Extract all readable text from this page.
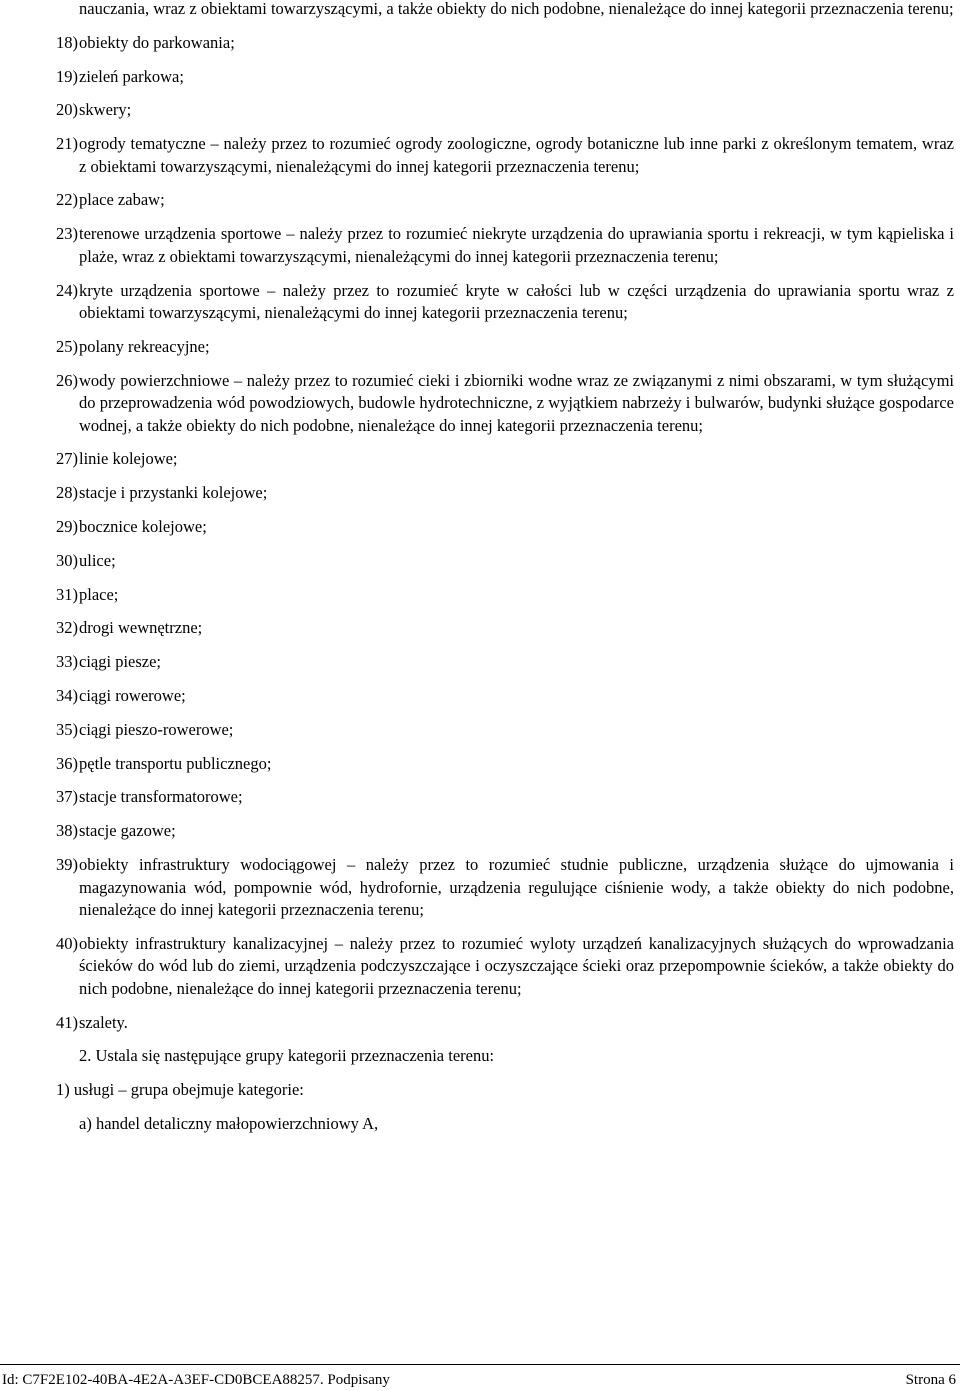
nauczania, wraz z obiektami towarzyszącymi, a także obiekty do nich podobne, nienależące do innej kategorii przeznaczenia terenu;
18) obiekty do parkowania;
19) zieleń parkowa;
20) skwery;
21) ogrody tematyczne – należy przez to rozumieć ogrody zoologiczne, ogrody botaniczne lub inne parki z określonym tematem, wraz z obiektami towarzyszącymi, nienależącymi do innej kategorii przeznaczenia terenu;
22) place zabaw;
23) terenowe urządzenia sportowe – należy przez to rozumieć niekryte urządzenia do uprawiania sportu i rekreacji, w tym kąpieliska i plaże, wraz z obiektami towarzyszącymi, nienależącymi do innej kategorii przeznaczenia terenu;
24) kryte urządzenia sportowe – należy przez to rozumieć kryte w całości lub w części urządzenia do uprawiania sportu wraz z obiektami towarzyszącymi, nienależącymi do innej kategorii przeznaczenia terenu;
25) polany rekreacyjne;
26) wody powierzchniowe – należy przez to rozumieć cieki i zbiorniki wodne wraz ze związanymi z nimi obszarami, w tym służącymi do przeprowadzenia wód powodziowych, budowle hydrotechniczne, z wyjątkiem nabrzeży i bulwarów, budynki służące gospodarce wodnej, a także obiekty do nich podobne, nienależące do innej kategorii przeznaczenia terenu;
27) linie kolejowe;
28) stacje i przystanki kolejowe;
29) bocznice kolejowe;
30) ulice;
31) place;
32) drogi wewnętrzne;
33) ciągi piesze;
34) ciągi rowerowe;
35) ciągi pieszo-rowerowe;
36) pętle transportu publicznego;
37) stacje transformatorowe;
38) stacje gazowe;
39) obiekty infrastruktury wodociągowej – należy przez to rozumieć studnie publiczne, urządzenia służące do ujmowania i magazynowania wód, pompownie wód, hydrofornie, urządzenia regulujące ciśnienie wody, a także obiekty do nich podobne, nienależące do innej kategorii przeznaczenia terenu;
40) obiekty infrastruktury kanalizacyjnej – należy przez to rozumieć wyloty urządzeń kanalizacyjnych służących do wprowadzania ścieków do wód lub do ziemi, urządzenia podczyszczające i oczyszczające ścieki oraz przepompownie ścieków, a także obiekty do nich podobne, nienależące do innej kategorii przeznaczenia terenu;
41) szalety.
2. Ustala się następujące grupy kategorii przeznaczenia terenu:
1) usługi – grupa obejmuje kategorie:
a) handel detaliczny małopowierzchniowy A,
Id: C7F2E102-40BA-4E2A-A3EF-CD0BCEA88257. Podpisany	Strona 6
